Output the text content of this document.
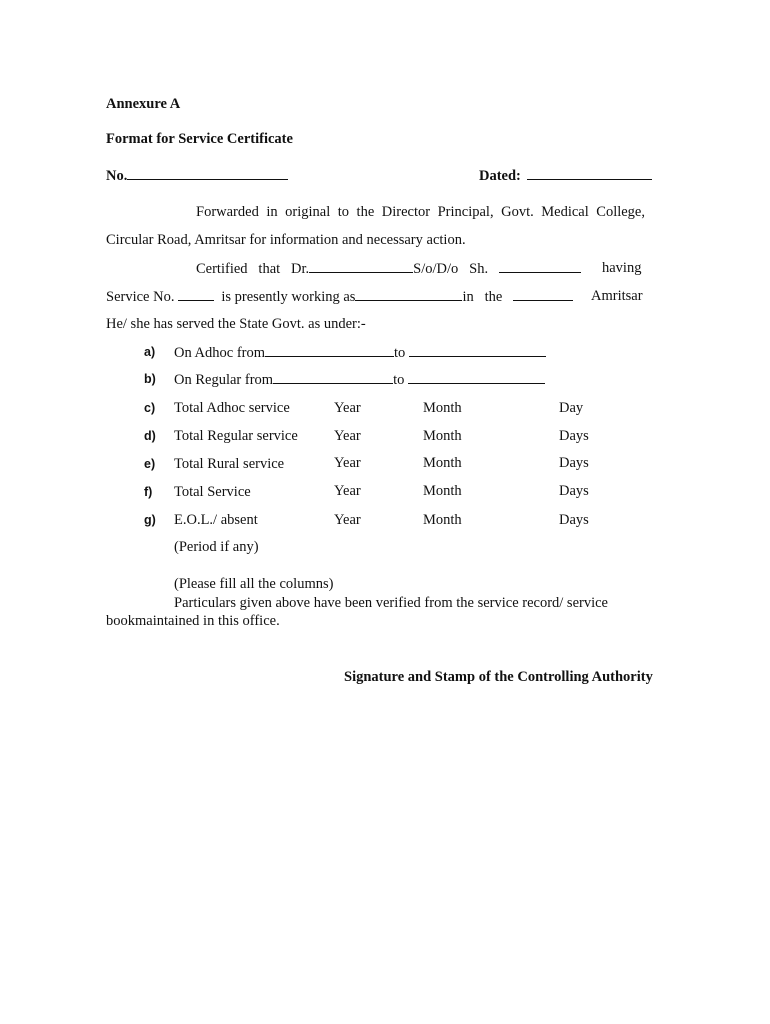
Annexure A
Format for Service Certificate
No.	Dated:
Forwarded in original to the Director Principal, Govt. Medical College,
Circular Road, Amritsar for information and necessary action.
Certified that Dr.	S/o/D/o Sh.	having
Service No.	is presently working as	in the	Amritsar
He/ she has served the State Govt. as under:-
a) On Adhoc from	to
b) On Regular from	to
c) Total Adhoc service	Year	Month	Day
d) Total Regular service Year	Month	Days
e) Total Rural service	Year	Month	Days
f) Total Service	Year	Month	Days
g) E.O.L./ absent	Year	Month	Days
(Period if any)
(Please fill all the columns)
Particulars given above have been verified from the service record/ service
bookmaintained in this office.
Signature and Stamp of the Controlling Authority
